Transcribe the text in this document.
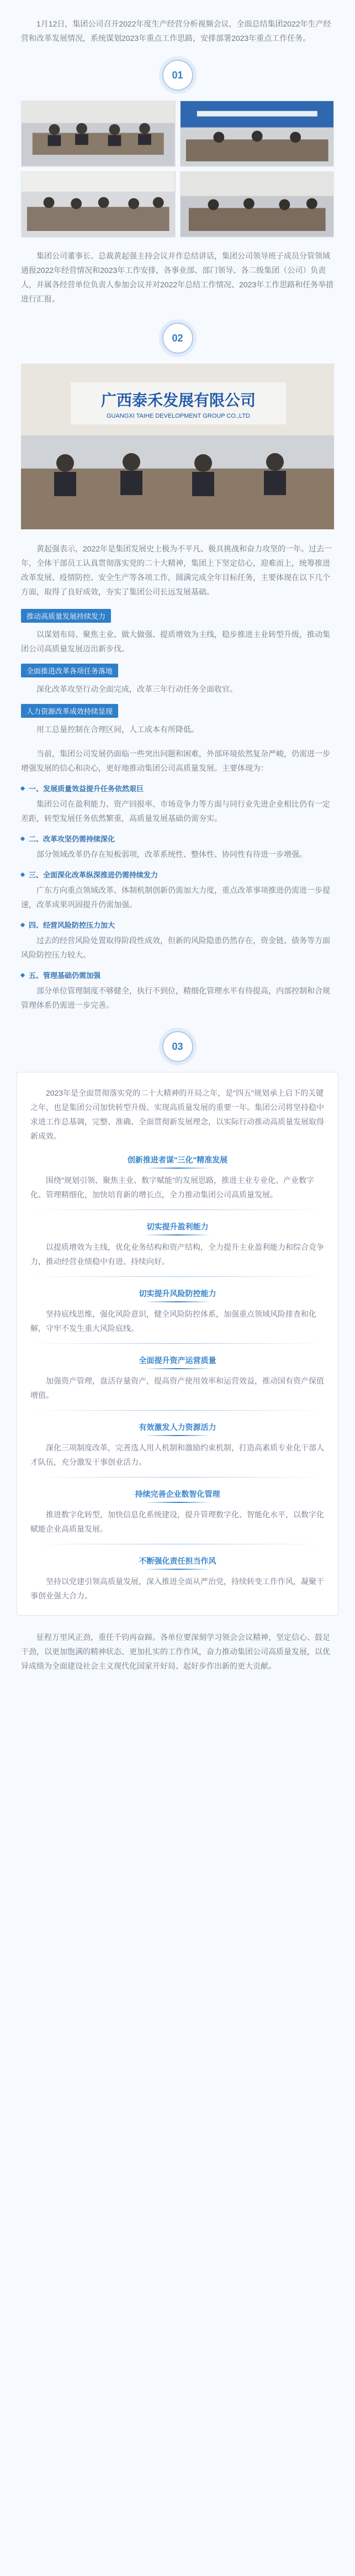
1月12日，集团公司召开2022年度生产经营分析视频会议，全面总结集团2022年生产经营和改革发展情况，系统谋划2023年重点工作思路，安排部署2023年重点工作任务。

01

集团公司董事长、总裁黄起强主持会议并作总结讲话，集团公司领导班子成员分管领域通报2022年经营情况和2023年工作安排，各事业部、部门领导、各二级集团（公司）负责人，并属各经营单位负责人参加会议并对2022年总结工作情况、2023年工作思路和任务举措进行汇报。

02
广西泰禾发展有限公司
GUANGXI TAIHE DEVELOPMENT GROUP CO.,LTD

黄起强表示，2022年是集团发展史上极为不平凡、极具挑战和奋力攻坚的一年。过去一年，全体干部员工认真贯彻落实党的二十大精神，集团上下坚定信心，迎难而上，统筹推进改革发展、疫情防控、安全生产等各项工作，圆满完成全年目标任务，主要体现在以下几个方面，取得了良好成效，夯实了集团公司长远发展基础。

推动高质量发展持续发力

以谋划布局、聚焦主业、做大做强、提质增效为主线，稳步推进主业转型升级，推动集团公司高质量发展迈出新步伐。

全面推进改革各项任务落地

深化改革攻坚行动全面完成，改革三年行动任务全面收官。

人力资源改革成效持续显现

用工总量控制在合理区间，人工成本有所降低。

当前，集团公司发展仍面临一些突出问题和困难，外部环境依然复杂严峻，仍需进一步增强发展的信心和决心，更好地推动集团公司高质量发展。主要体现为：

一、发展质量效益提升任务依然艰巨

集团公司在盈利能力、资产回报率、市场竞争力等方面与同行业先进企业相比仍有一定差距，转型发展任务依然繁重，高质量发展基础仍需夯实。

二、改革攻坚仍需持续深化

部分领域改革仍存在短板弱项，改革系统性、整体性、协同性有待进一步增强。

三、全面深化改革纵深推进仍需持续发力

广东方向重点领域改革、体制机制创新仍需加大力度，重点改革事项推进仍需进一步提速，改革成果巩固提升仍需加强。

四、经营风险防控压力加大

过去的经营风险处置取得阶段性成效，但新的风险隐患仍然存在，资金链、债务等方面风险防控压力较大。

五、管理基础仍需加强

部分单位管理制度不够健全，执行不到位，精细化管理水平有待提高，内部控制和合规管理体系仍需进一步完善。

03

2023年是全面贯彻落实党的二十大精神的开局之年，是"四五"规划承上启下的关键之年，也是集团公司加快转型升级、实现高质量发展的重要一年。集团公司将坚持稳中求进工作总基调，完整、准确、全面贯彻新发展理念，以实际行动推动高质量发展取得新成效。

创新推进者谋"三化"精准发展

围绕"规划引领、聚焦主业、数字赋能"的发展思路，推进主业专业化、产业数字化、管理精细化，加快培育新的增长点，全力推动集团公司高质量发展。

切实提升盈利能力

以提质增效为主线，优化业务结构和资产结构，全力提升主业盈利能力和综合竞争力，推动经营业绩稳中有进、持续向好。

切实提升风险防控能力

坚持底线思维，强化风险意识，健全风险防控体系，加强重点领域风险排查和化解，守牢不发生重大风险底线。

全面提升资产运营质量

加强资产管理，盘活存量资产，提高资产使用效率和运营效益，推动国有资产保值增值。

有效激发人力资源活力

深化三项制度改革，完善选人用人机制和激励约束机制，打造高素质专业化干部人才队伍，充分激发干事创业活力。

持续完善企业数智化管理

推进数字化转型，加快信息化系统建设，提升管理数字化、智能化水平，以数字化赋能企业高质量发展。

不断强化责任担当作风

坚持以党建引领高质量发展，深入推进全面从严治党，持续转变工作作风，凝聚干事创业强大合力。

征程万里风正劲，重任千钧再奋蹄。各单位要深刻学习领会会议精神，坚定信心、鼓足干劲，以更加饱满的精神状态、更加扎实的工作作风，奋力推动集团公司高质量发展，以优异成绩为全面建设社会主义现代化国家开好局、起好步作出新的更大贡献。
